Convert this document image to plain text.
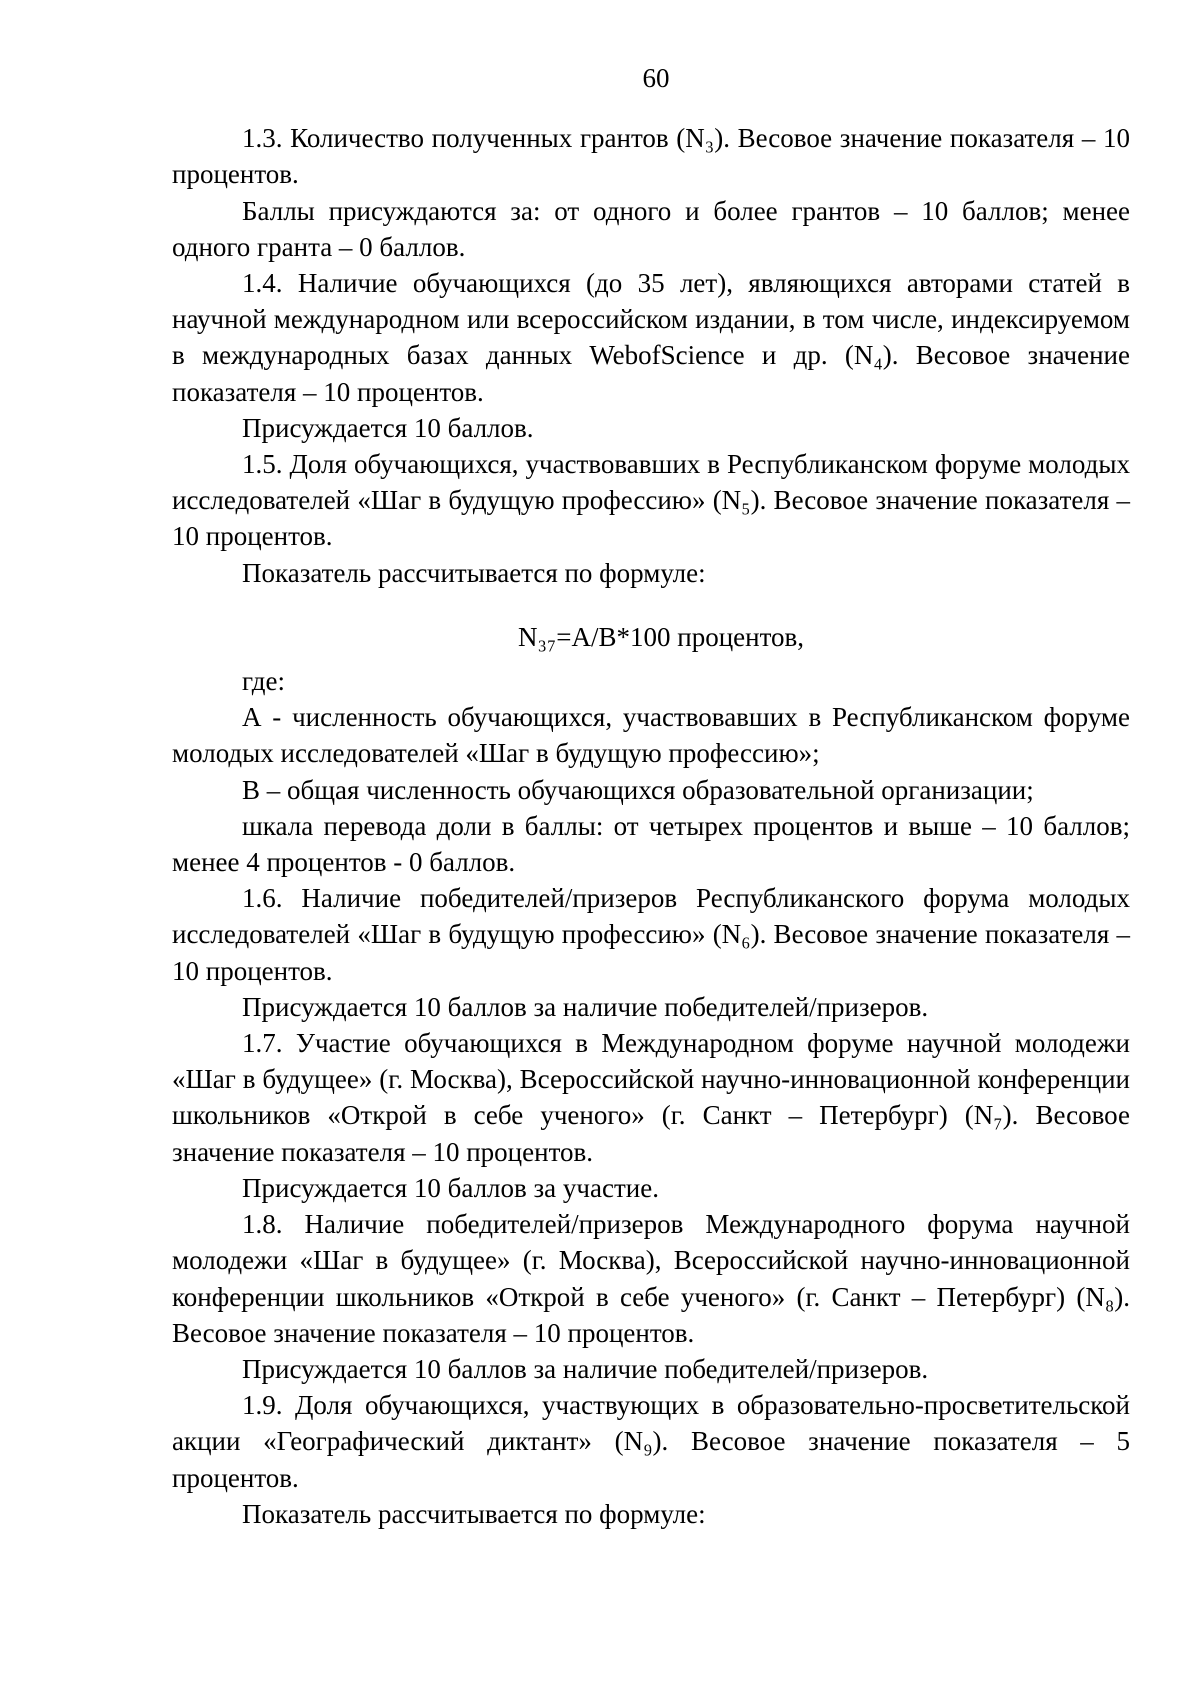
60

1.3. Количество полученных грантов (N₃). Весовое значение показателя – 10 процентов.

Баллы присуждаются за: от одного и более грантов – 10 баллов; менее одного гранта – 0 баллов.

1.4. Наличие обучающихся (до 35 лет), являющихся авторами статей в научной международном или всероссийском издании, в том числе, индексируемом в международных базах данных WebofScience и др. (N₄). Весовое значение показателя – 10 процентов.

Присуждается 10 баллов.

1.5. Доля обучающихся, участвовавших в Республиканском форуме молодых исследователей «Шаг в будущую профессию» (N₅). Весовое значение показателя – 10 процентов.

Показатель рассчитывается по формуле:

N₃₇=А/В*100 процентов,

где:

А - численность обучающихся, участвовавших в Республиканском форуме молодых исследователей «Шаг в будущую профессию»;

В – общая численность обучающихся образовательной организации;

шкала перевода доли в баллы: от четырех процентов и выше – 10 баллов; менее 4 процентов - 0 баллов.

1.6. Наличие победителей/призеров Республиканского форума молодых исследователей «Шаг в будущую профессию» (N₆). Весовое значение показателя – 10 процентов.

Присуждается 10 баллов за наличие победителей/призеров.

1.7. Участие обучающихся в Международном форуме научной молодежи «Шаг в будущее» (г. Москва), Всероссийской научно-инновационной конференции школьников «Открой в себе ученого» (г. Санкт – Петербург) (N₇). Весовое значение показателя – 10 процентов.

Присуждается 10 баллов за участие.

1.8. Наличие победителей/призеров Международного форума научной молодежи «Шаг в будущее» (г. Москва), Всероссийской научно-инновационной конференции школьников «Открой в себе ученого» (г. Санкт – Петербург) (N₈). Весовое значение показателя – 10 процентов.

Присуждается 10 баллов за наличие победителей/призеров.

1.9. Доля обучающихся, участвующих в образовательно-просветительской акции «Географический диктант» (N₉). Весовое значение показателя – 5 процентов.

Показатель рассчитывается по формуле:
